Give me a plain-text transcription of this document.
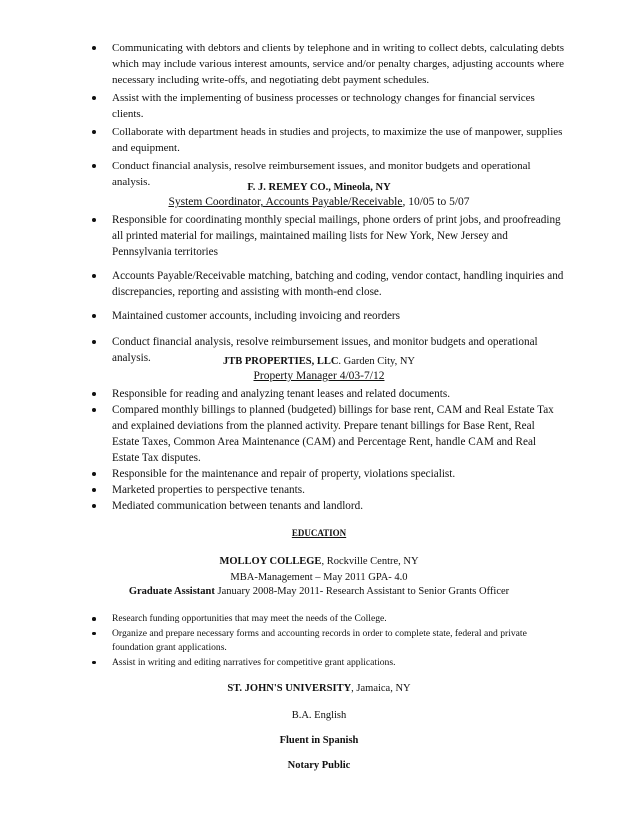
Communicating with debtors and clients by telephone and in writing to collect debts, calculating debts which may include various interest amounts, service and/or penalty charges, adjusting accounts where necessary including write-offs, and negotiating debt payment schedules.
Assist with the implementing of business processes or technology changes for financial services clients.
Collaborate with department heads in studies and projects, to maximize the use of manpower, supplies and equipment.
Conduct financial analysis, resolve reimbursement issues, and monitor budgets and operational analysis.	F. J. REMEY CO., Mineola, NY
System Coordinator, Accounts Payable/Receivable, 10/05 to 5/07
Responsible for coordinating monthly special mailings, phone orders of print jobs, and proofreading all printed material for mailings, maintained mailing lists for New York, New Jersey and Pennsylvania territories
Accounts Payable/Receivable matching, batching and coding, vendor contact, handling inquiries and discrepancies, reporting and assisting with month-end close.
Maintained customer accounts, including invoicing and reorders
Conduct financial analysis, resolve reimbursement issues, and monitor budgets and operational analysis.	JTB PROPERTIES, LLC. Garden City, NY
Property Manager 4/03-7/12
Responsible for reading and analyzing tenant leases and related documents.
Compared monthly billings to planned (budgeted) billings for base rent, CAM and Real Estate Tax and explained deviations from the planned activity. Prepare tenant billings for Base Rent, Real Estate Taxes, Common Area Maintenance (CAM) and Percentage Rent, handle CAM and Real Estate Tax disputes.
Responsible for the maintenance and repair of property, violations specialist.
Marketed properties to perspective tenants.
Mediated communication between tenants and landlord.
EDUCATION
MOLLOY COLLEGE, Rockville Centre, NY
MBA-Management – May 2011 GPA- 4.0
Graduate Assistant January 2008-May 2011- Research Assistant to Senior Grants Officer
Research funding opportunities that may meet the needs of the College.
Organize and prepare necessary forms and accounting records in order to complete state, federal and private foundation grant applications.
Assist in writing and editing narratives for competitive grant applications.
ST. JOHN'S UNIVERSITY, Jamaica, NY
B.A. English
Fluent in Spanish
Notary Public
